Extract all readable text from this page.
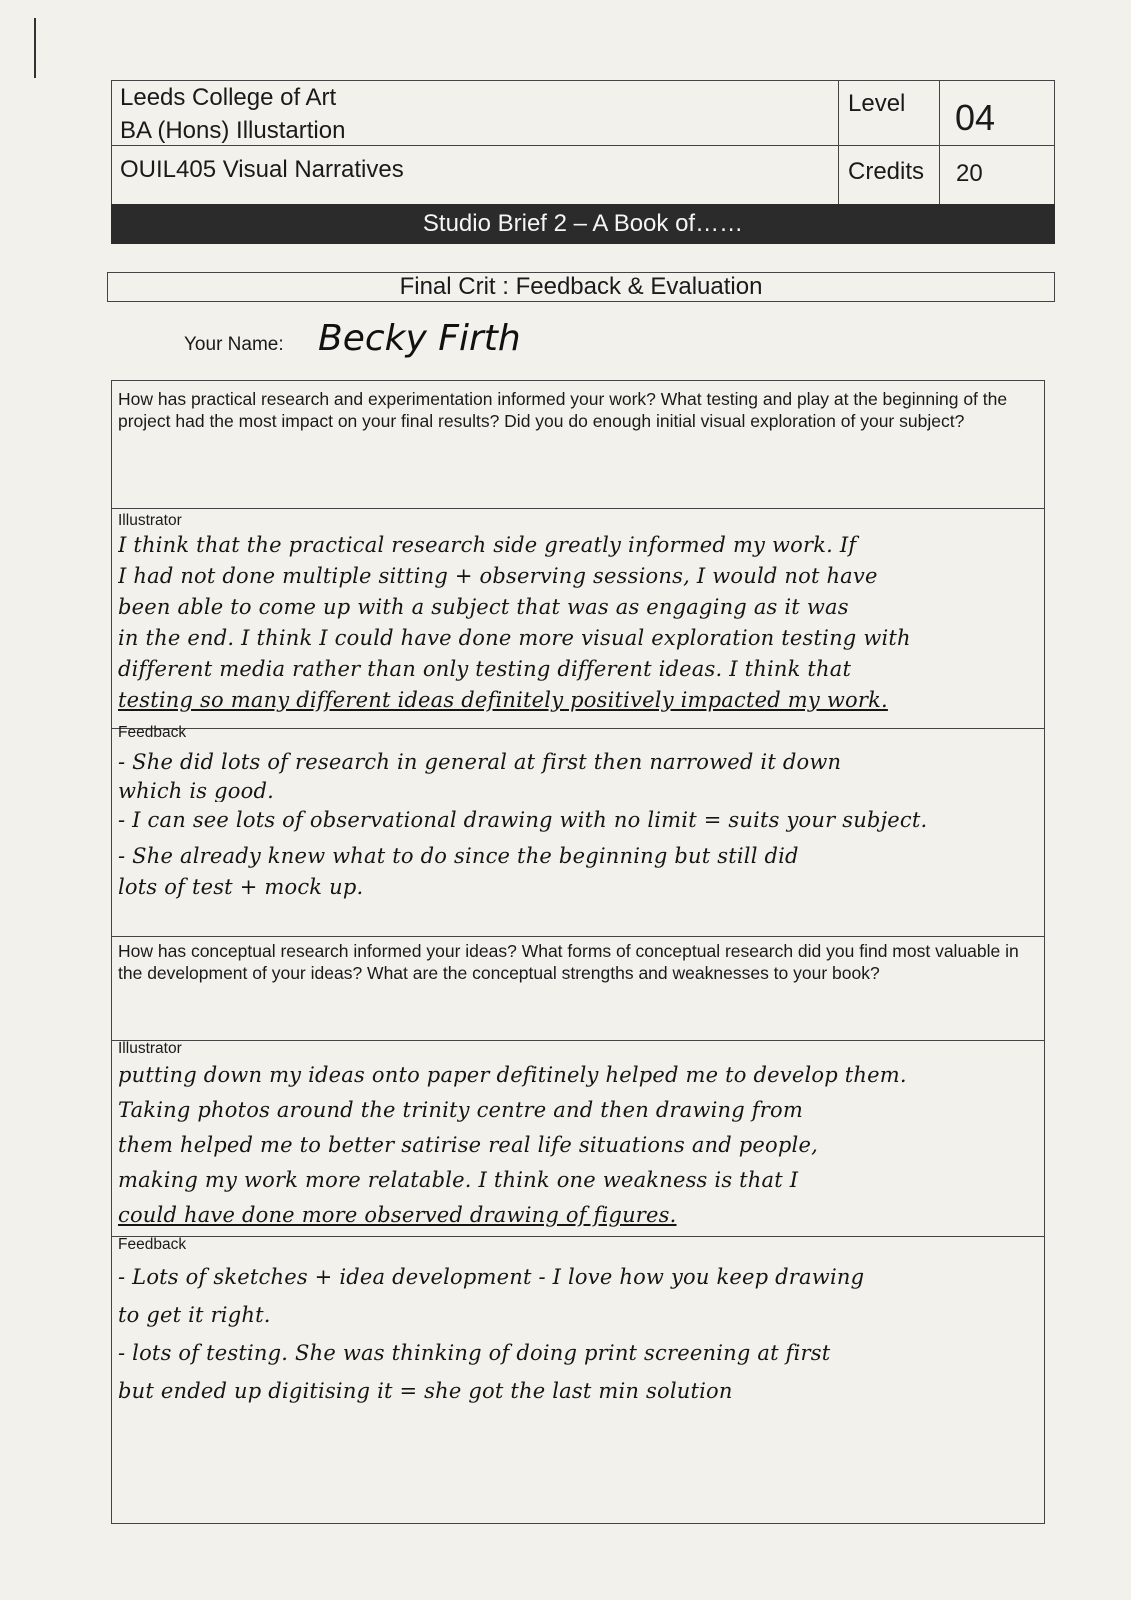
Leeds College of Art
BA (Hons) Illustartion
OUIL405 Visual Narratives
Level 04
Credits 20
Studio Brief 2 – A Book of……
Final Crit : Feedback & Evaluation
Your Name: Becky Firth
How has practical research and experimentation informed your work? What testing and play at the beginning of the project had the most impact on your final results? Did you do enough initial visual exploration of your subject?
Illustrator
I think that the practical research side greatly informed my work. If
I had not done multiple sitting + observing sessions, I would not have
been able to come up with a subject that was as engaging as it was
in the end. I think I could have done more visual exploration testing with
different media rather than only testing different ideas. I think that
testing so many different ideas definitely positively impacted my work.
Feedback
- She did lots of research in general at first then narrowed it down
which is good.
- I can see lots of observational drawing with no limit = suits your subject.
- She already knew what to do since the beginning but still did
lots of test + mock up.
How has conceptual research informed your ideas? What forms of conceptual research did you find most valuable in the development of your ideas? What are the conceptual strengths and weaknesses to your book?
Illustrator
putting down my ideas onto paper defitinely helped me to develop them.
Taking photos around the trinity centre and then drawing from
them helped me to better satirise real life situations and people,
making my work more relatable. I think one weakness is that I
could have done more observed drawing of figures.
Feedback
- Lots of sketches + idea development - I love how you keep drawing
to get it right.
- lots of testing. She was thinking of doing print screening at first
but ended up digitising it = she got the last min solution
